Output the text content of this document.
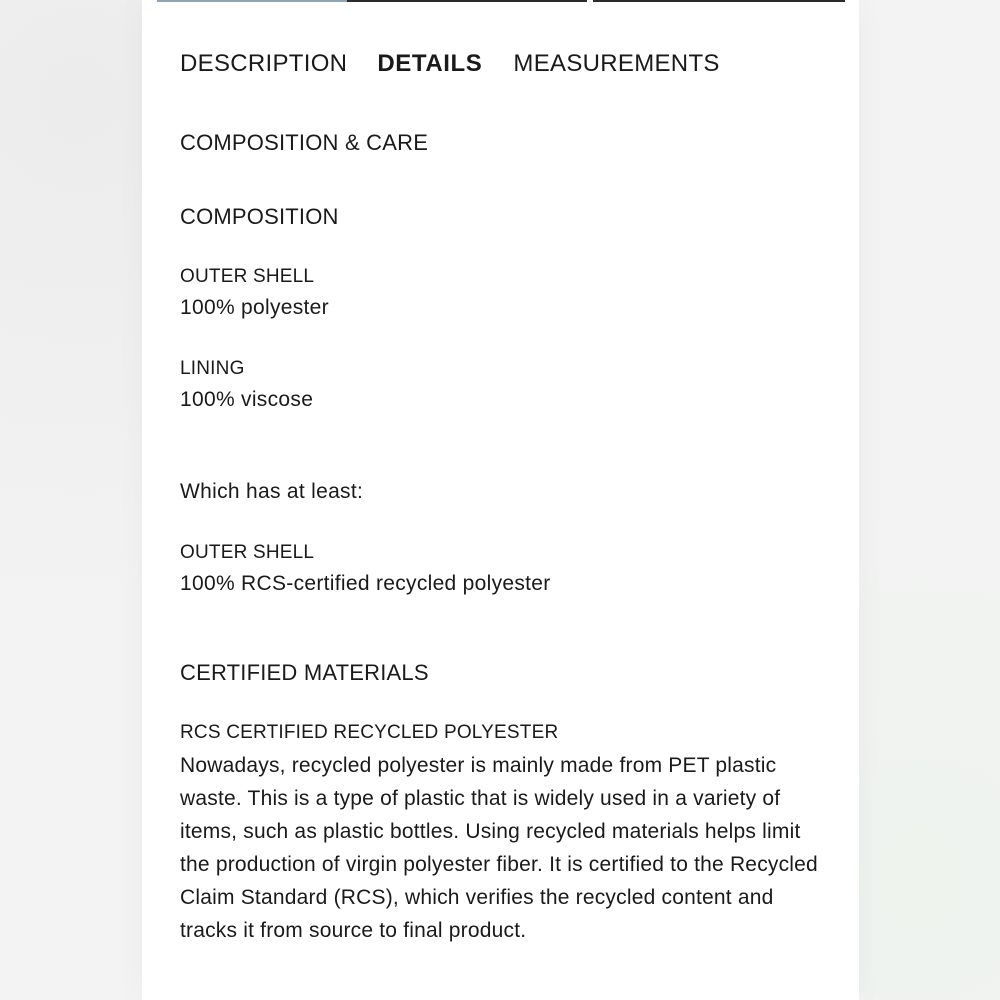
DESCRIPTION DETAILS MEASUREMENTS
COMPOSITION & CARE
COMPOSITION
OUTER SHELL
100% polyester
LINING
100% viscose
Which has at least:
OUTER SHELL
100% RCS-certified recycled polyester
CERTIFIED MATERIALS
RCS CERTIFIED RECYCLED POLYESTER
Nowadays, recycled polyester is mainly made from PET plastic waste. This is a type of plastic that is widely used in a variety of items, such as plastic bottles. Using recycled materials helps limit the production of virgin polyester fiber. It is certified to the Recycled Claim Standard (RCS), which verifies the recycled content and tracks it from source to final product.
